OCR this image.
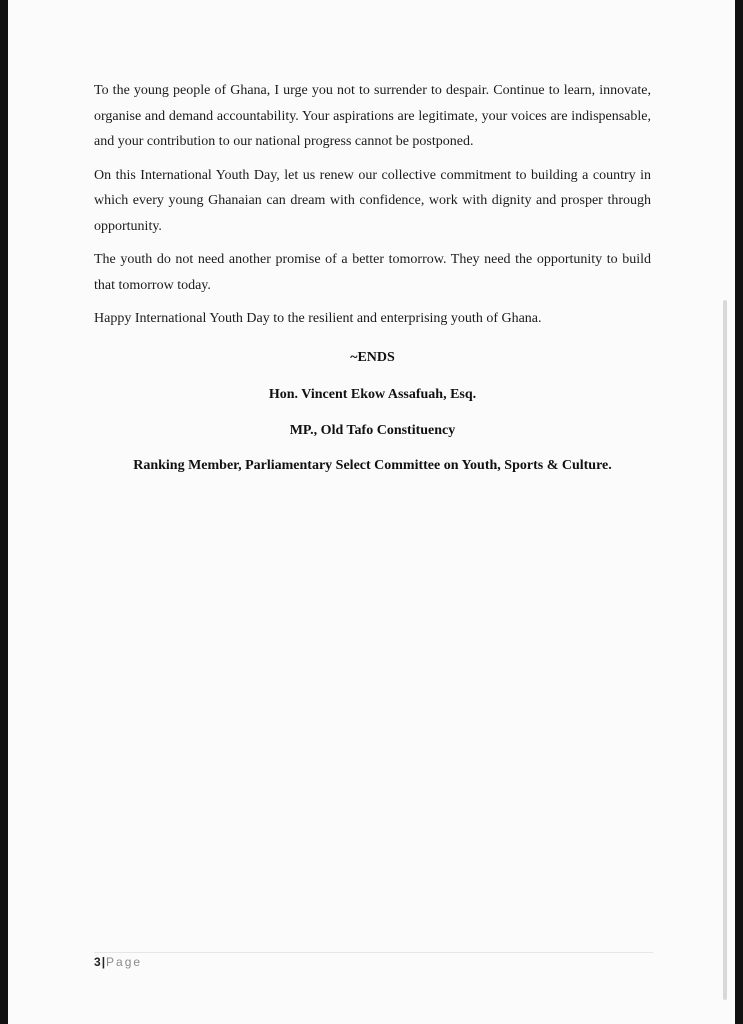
To the young people of Ghana, I urge you not to surrender to despair. Continue to learn, innovate, organise and demand accountability. Your aspirations are legitimate, your voices are indispensable, and your contribution to our national progress cannot be postponed.

On this International Youth Day, let us renew our collective commitment to building a country in which every young Ghanaian can dream with confidence, work with dignity and prosper through opportunity.

The youth do not need another promise of a better tomorrow. They need the opportunity to build that tomorrow today.

Happy International Youth Day to the resilient and enterprising youth of Ghana.

~ENDS
Hon. Vincent Ekow Assafuah, Esq.
MP., Old Tafo Constituency
Ranking Member, Parliamentary Select Committee on Youth, Sports & Culture.
3|Page
